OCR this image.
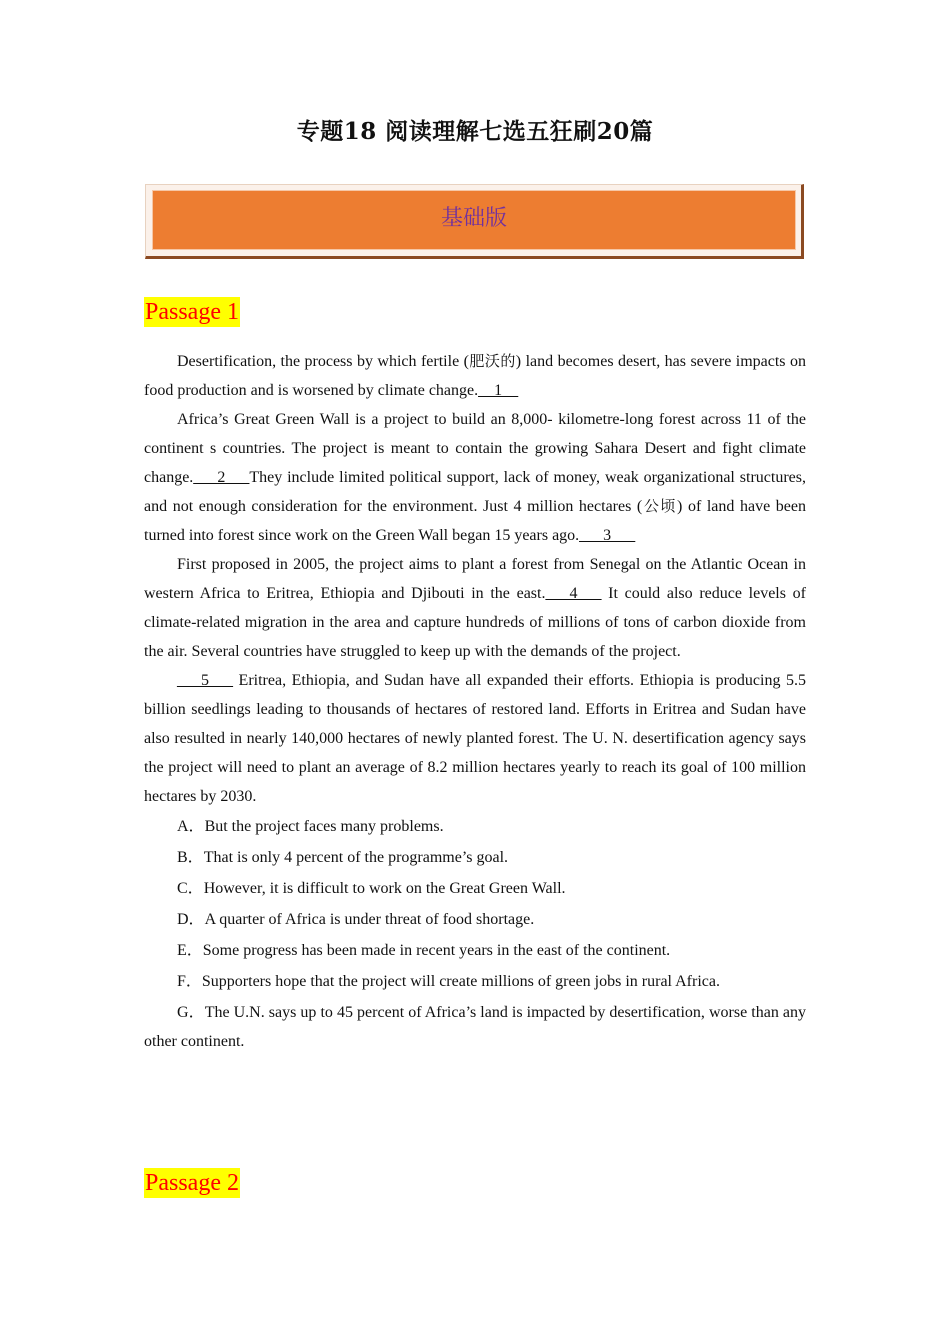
专题18 阅读理解七选五狂刷20篇
基础版
Passage 1

Desertification, the process by which fertile (肥沃的) land becomes desert, has severe impacts on food production and is worsened by climate change.__1__

Africa’s Great Green Wall is a project to build an 8,000- kilometre-long forest across 11 of the continent s countries. The project is meant to contain the growing Sahara Desert and fight climate change.___2___They include limited political support, lack of money, weak organizational structures, and not enough consideration for the environment. Just 4 million hectares (公顷) of land have been turned into forest since work on the Green Wall began 15 years ago.___3___

First proposed in 2005, the project aims to plant a forest from Senegal on the Atlantic Ocean in western Africa to Eritrea, Ethiopia and Djibouti in the east.___4___ It could also reduce levels of climate-related migration in the area and capture hundreds of millions of tons of carbon dioxide from the air. Several countries have struggled to keep up with the demands of the project.

___5___ Eritrea, Ethiopia, and Sudan have all expanded their efforts. Ethiopia is producing 5.5 billion seedlings leading to thousands of hectares of restored land. Efforts in Eritrea and Sudan have also resulted in nearly 140,000 hectares of newly planted forest. The U. N. desertification agency says the project will need to plant an average of 8.2 million hectares yearly to reach its goal of 100 million hectares by 2030.

A．But the project faces many problems.

B．That is only 4 percent of the programme’s goal.

C．However, it is difficult to work on the Great Green Wall.

D．A quarter of Africa is under threat of food shortage.

E．Some progress has been made in recent years in the east of the continent.

F．Supporters hope that the project will create millions of green jobs in rural Africa.

G．The U.N. says up to 45 percent of Africa’s land is impacted by desertification, worse than any other continent.

Passage 2
